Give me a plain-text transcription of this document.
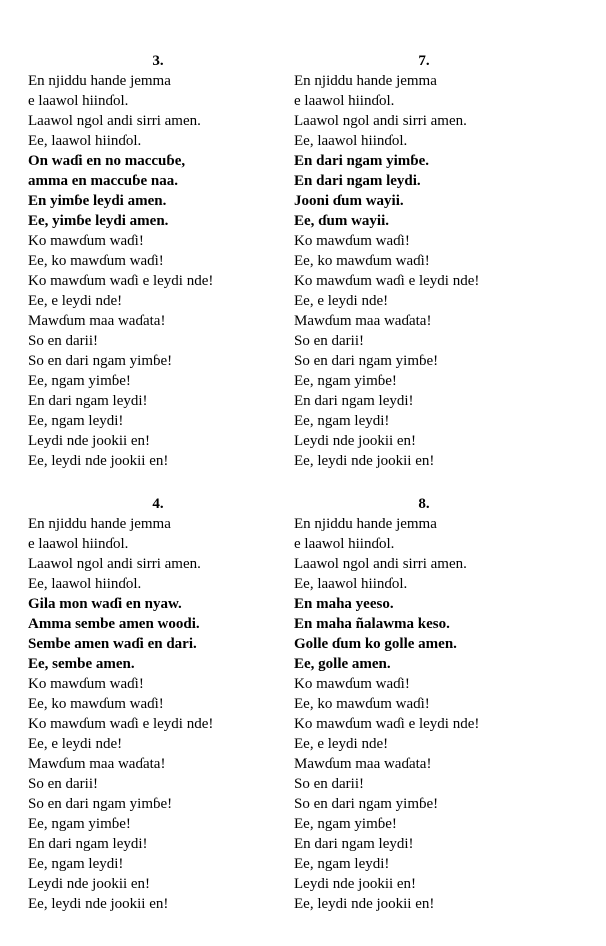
3.
En njiddu hande jemma
e laawol hiinɗol.
Laawol ngol andi sirri amen.
Ee, laawol hiinɗol.
On waɗi en no maccuɓe,
amma en maccuɓe naa.
En yimɓe leydi amen.
Ee, yimɓe leydi amen.
Ko mawɗum waɗi!
Ee, ko mawɗum waɗi!
Ko mawɗum waɗi e leydi nde!
Ee, e leydi nde!
Mawɗum maa waɗata!
So en darii!
So en dari ngam yimɓe!
Ee, ngam yimɓe!
En dari ngam leydi!
Ee, ngam leydi!
Leydi nde jookii en!
Ee, leydi nde jookii en!
7.
En njiddu hande jemma
e laawol hiinɗol.
Laawol ngol andi sirri amen.
Ee, laawol hiinɗol.
En dari ngam yimɓe.
En dari ngam leydi.
Jooni ɗum wayii.
Ee, ɗum wayii.
Ko mawɗum waɗi!
Ee, ko mawɗum waɗi!
Ko mawɗum waɗi e leydi nde!
Ee, e leydi nde!
Mawɗum maa waɗata!
So en darii!
So en dari ngam yimɓe!
Ee, ngam yimɓe!
En dari ngam leydi!
Ee, ngam leydi!
Leydi nde jookii en!
Ee, leydi nde jookii en!
4.
En njiddu hande jemma
e laawol hiinɗol.
Laawol ngol andi sirri amen.
Ee, laawol hiinɗol.
Gila mon waɗi en nyaw.
Amma sembe amen woodi.
Sembe amen waɗi en dari.
Ee, sembe amen.
Ko mawɗum waɗi!
Ee, ko mawɗum waɗi!
Ko mawɗum waɗi e leydi nde!
Ee, e leydi nde!
Mawɗum maa waɗata!
So en darii!
So en dari ngam yimɓe!
Ee, ngam yimɓe!
En dari ngam leydi!
Ee, ngam leydi!
Leydi nde jookii en!
Ee, leydi nde jookii en!
8.
En njiddu hande jemma
e laawol hiinɗol.
Laawol ngol andi sirri amen.
Ee, laawol hiinɗol.
En maha yeeso.
En maha ñalawma keso.
Golle ɗum ko golle amen.
Ee, golle amen.
Ko mawɗum waɗi!
Ee, ko mawɗum waɗi!
Ko mawɗum waɗi e leydi nde!
Ee, e leydi nde!
Mawɗum maa waɗata!
So en darii!
So en dari ngam yimɓe!
Ee, ngam yimɓe!
En dari ngam leydi!
Ee, ngam leydi!
Leydi nde jookii en!
Ee, leydi nde jookii en!
